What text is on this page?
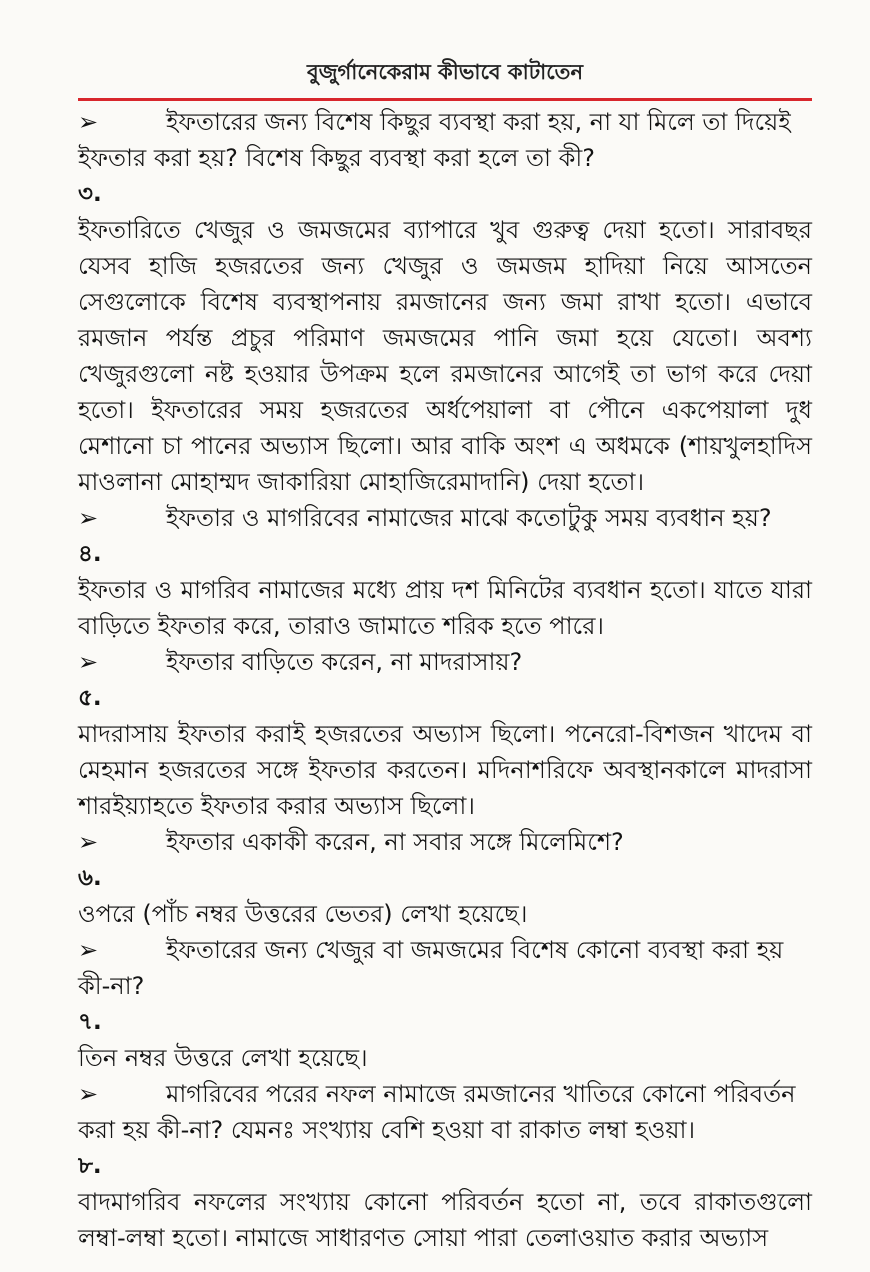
বুজুর্গানেকেরাম কীভাবে কাটাতেন

➢	ইফতারের জন্য বিশেষ কিছুর ব্যবস্থা করা হয়, না যা মিলে তা দিয়েই ইফতার করা হয়? বিশেষ কিছুর ব্যবস্থা করা হলে তা কী?

৩.

ইফতারিতে খেজুর ও জমজমের ব্যাপারে খুব গুরুত্ব দেয়া হতো। সারাবছর যেসব হাজি হজরতের জন্য খেজুর ও জমজম হাদিয়া নিয়ে আসতেন সেগুলোকে বিশেষ ব্যবস্থাপনায় রমজানের জন্য জমা রাখা হতো। এভাবে রমজান পর্যন্ত প্রচুর পরিমাণ জমজমের পানি জমা হয়ে যেতো। অবশ্য খেজুরগুলো নষ্ট হওয়ার উপক্রম হলে রমজানের আগেই তা ভাগ করে দেয়া হতো। ইফতারের সময় হজরতের অর্ধপেয়ালা বা পৌনে একপেয়ালা দুধ মেশানো চা পানের অভ্যাস ছিলো। আর বাকি অংশ এ অধমকে (শায়খুলহাদিস মাওলানা মোহাম্মদ জাকারিয়া মোহাজিরেমাদানি) দেয়া হতো।

➢	ইফতার ও মাগরিবের নামাজের মাঝে কতোটুকু সময় ব্যবধান হয়?

৪.

ইফতার ও মাগরিব নামাজের মধ্যে প্রায় দশ মিনিটের ব্যবধান হতো। যাতে যারা বাড়িতে ইফতার করে, তারাও জামাতে শরিক হতে পারে।

➢	ইফতার বাড়িতে করেন, না মাদরাসায়?

৫.

মাদরাসায় ইফতার করাই হজরতের অভ্যাস ছিলো। পনেরো-বিশজন খাদেম বা মেহমান হজরতের সঙ্গে ইফতার করতেন। মদিনাশরিফে অবস্থানকালে মাদরাসা শারইয়্যাহতে ইফতার করার অভ্যাস ছিলো।

➢	ইফতার একাকী করেন, না সবার সঙ্গে মিলেমিশে?

৬.

ওপরে (পাঁচ নম্বর উত্তরের ভেতর) লেখা হয়েছে।

➢	ইফতারের জন্য খেজুর বা জমজমের বিশেষ কোনো ব্যবস্থা করা হয় কী-না?

৭.

তিন নম্বর উত্তরে লেখা হয়েছে।

➢	মাগরিবের পরের নফল নামাজে রমজানের খাতিরে কোনো পরিবর্তন করা হয় কী-না? যেমনঃ সংখ্যায় বেশি হওয়া বা রাকাত লম্বা হওয়া।

৮.

বাদমাগরিব নফলের সংখ্যায় কোনো পরিবর্তন হতো না, তবে রাকাতগুলো লম্বা-লম্বা হতো। নামাজে সাধারণত সোয়া পারা তেলাওয়াত করার অভ্যাস
